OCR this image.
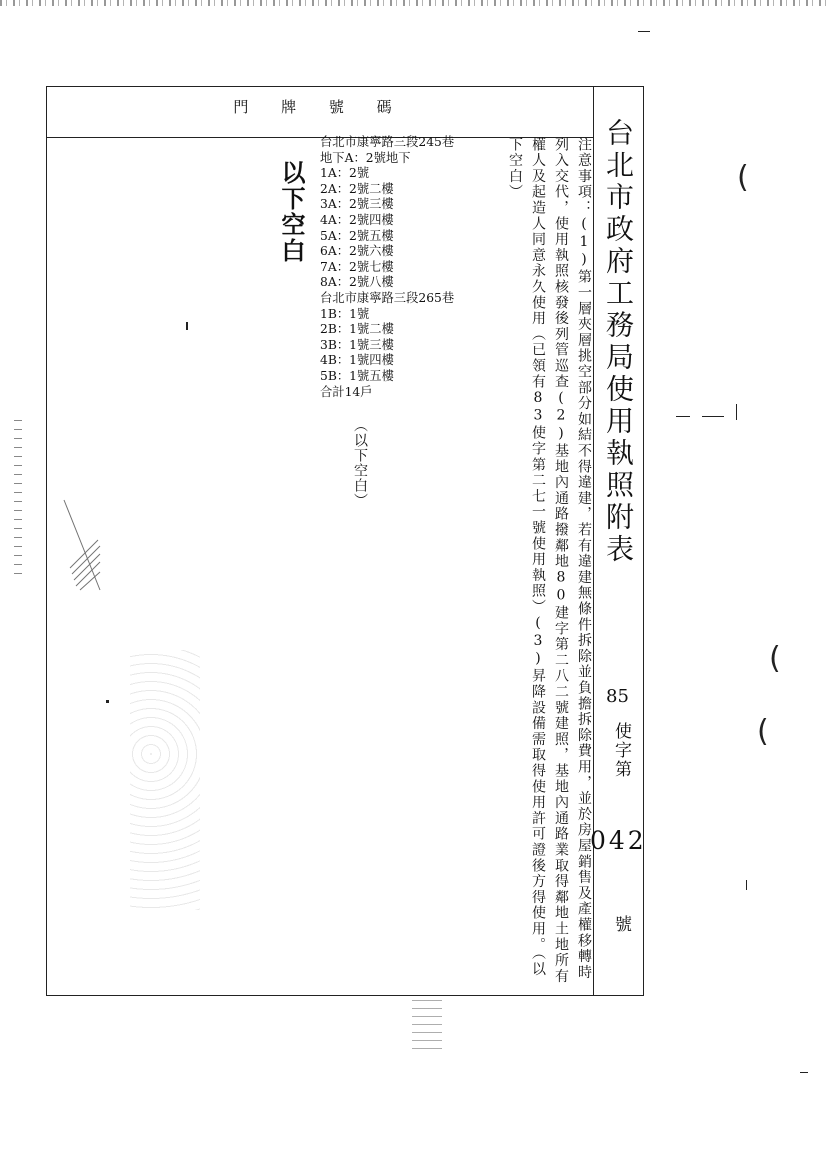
門 牌 號 碼
台北市政府工務局使用執照附表
85
使字第
042
號
注意事項：(1)第一層夾層挑空部分如結不得違建，若有違建無條件拆除並負擔拆除費用，並於房屋銷售及產權移轉時列入交代，使用執照核發後列管巡查(2)基地內通路撥鄰地80建字第二八二號建照，基地內通路業取得鄰地土地所有權人及起造人同意永久使用（已領有83使字第二七一號使用執照）(3)昇降設備需取得使用許可證後方得使用。（以下空白）
台北市康寧路三段245巷
地下A：2號地下
1A：2號
2A：2號二樓
3A：2號三樓
4A：2號四樓
5A：2號五樓
6A：2號六樓
7A：2號七樓
8A：2號八樓
台北市康寧路三段265巷
1B：1號
2B：1號二樓
3B：1號三樓
4B：1號四樓
5B：1號五樓
合計14戶
（以下空白）
以下空白	(
(
(
